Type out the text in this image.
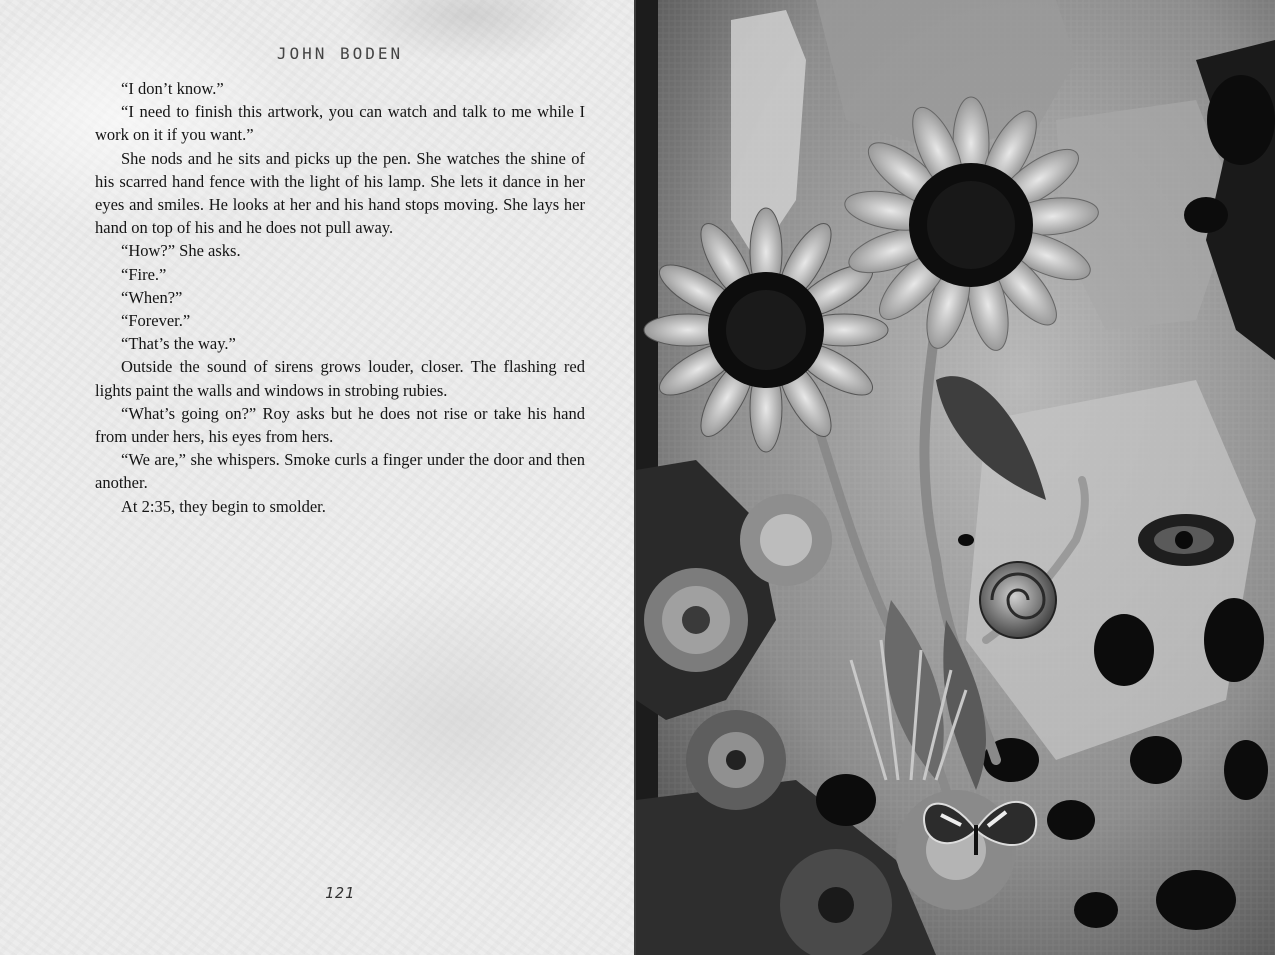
JOHN BODEN

“I don’t know.”

“I need to finish this artwork, you can watch and talk to me while I work on it if you want.”

She nods and he sits and picks up the pen. She watches the shine of his scarred hand fence with the light of his lamp. She lets it dance in her eyes and smiles. He looks at her and his hand stops moving. She lays her hand on top of his and he does not pull away.

“How?” She asks.

“Fire.”

“When?”

“Forever.”

“That’s the way.”

Outside the sound of sirens grows louder, closer. The flashing red lights paint the walls and windows in strobing rubies.

“What’s going on?” Roy asks but he does not rise or take his hand from under hers, his eyes from hers.

“We are,” she whispers. Smoke curls a finger under the door and then another.

At 2:35, they begin to smolder.

121
